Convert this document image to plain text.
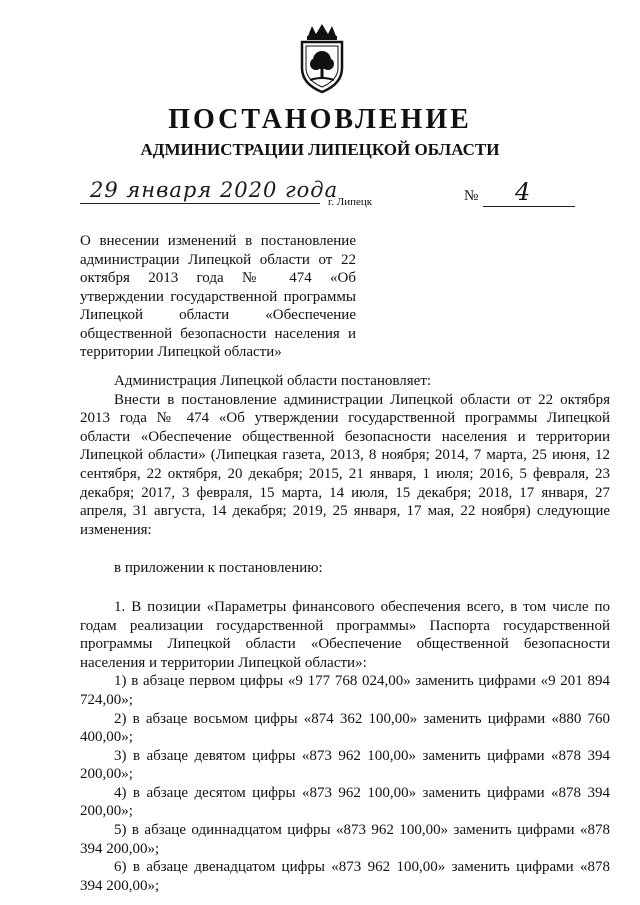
ПОСТАНОВЛЕНИЕ
АДМИНИСТРАЦИИ ЛИПЕЦКОЙ ОБЛАСТИ
29 января 2020 года
г. Липецк	№ 4
О внесении изменений в постановление администрации Липецкой области от 22 октября 2013 года № 474 «Об утверждении государственной программы Липецкой области «Обеспечение общественной безопасности населения и территории Липецкой области»

Администрация Липецкой области постановляет:

Внести в постановление администрации Липецкой области от 22 октября 2013 года № 474 «Об утверждении государственной программы Липецкой области «Обеспечение общественной безопасности населения и территории Липецкой области» (Липецкая газета, 2013, 8 ноября; 2014, 7 марта, 25 июня, 12 сентября, 22 октября, 20 декабря; 2015, 21 января, 1 июля; 2016, 5 февраля, 23 декабря; 2017, 3 февраля, 15 марта, 14 июля, 15 декабря; 2018, 17 января, 27 апреля, 31 августа, 14 декабря; 2019, 25 января, 17 мая, 22 ноября) следующие изменения:

в приложении к постановлению:

1. В позиции «Параметры финансового обеспечения всего, в том числе по годам реализации государственной программы» Паспорта государственной программы Липецкой области «Обеспечение общественной безопасности населения и территории Липецкой области»:

1) в абзаце первом цифры «9 177 768 024,00» заменить цифрами «9 201 894 724,00»;

2) в абзаце восьмом цифры «874 362 100,00» заменить цифрами «880 760 400,00»;

3) в абзаце девятом цифры «873 962 100,00» заменить цифрами «878 394 200,00»;

4) в абзаце десятом цифры «873 962 100,00» заменить цифрами «878 394 200,00»;

5) в абзаце одиннадцатом цифры «873 962 100,00» заменить цифрами «878 394 200,00»;

6) в абзаце двенадцатом цифры «873 962 100,00» заменить цифрами «878 394 200,00»;
